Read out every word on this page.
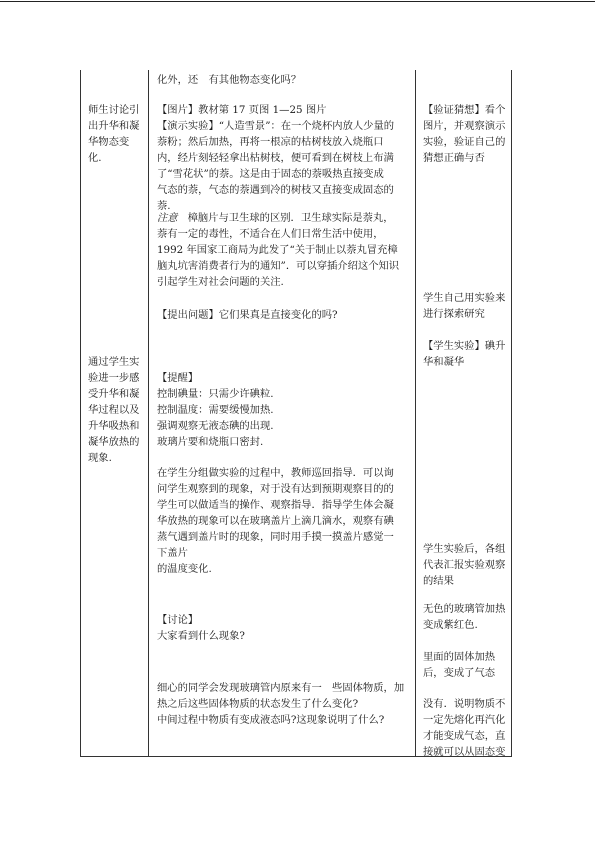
师生讨论引
出升华和凝
华物态变
化.
通过学生实
验进一步感
受升华和凝
华过程以及
升华吸热和
凝华放热的
现象.
化外，还　有其他物态变化吗？
【图片】教材第 17 页图 1—25 图片
【演示实验】“人造雪景”：在一个烧杯内放人少量的
萘粉；然后加热，再将一根凉的枯树枝放入烧瓶口
内，经片刻轻轻拿出枯树枝，便可看到在树枝上布满
了“雪花状”的萘。这是由于固态的萘吸热直接变成
气态的萘，气态的萘遇到冷的树枝又直接变成固态的
萘.
注意 樟脑片与卫生球的区别．卫生球实际是萘丸，
萘有一定的毒性，不适合在人们日常生活中使用，
1992 年国家工商局为此发了“关于制止以萘丸冒充樟
脑丸坑害消费者行为的通知”．可以穿插介绍这个知识
引起学生对社会问题的关注.
【提出问题】它们果真是直接变化的吗?
【提醒】
控制碘量：只需少许碘粒.
控制温度：需要缓慢加热.
强调观察无液态碘的出现.
玻璃片要和烧瓶口密封.
在学生分组做实验的过程中，教师巡回指导．可以询
问学生观察到的现象，对于没有达到预期观察目的的
学生可以做适当的操作、观察指导．指导学生体会凝
华放热的现象可以在玻璃盖片上滴几滴水，观察有碘
蒸气遇到盖片时的现象，同时用手摸一摸盖片感觉一
下盖片
的温度变化.
【讨论】
大家看到什么现象?
细心的同学会发现玻璃管内原来有一　些固体物质，加
热之后这些固体物质的状态发生了什么变化?
中间过程中物质有变成液态吗?这现象说明了什么?
【验证猜想】看个
图片，并观察演示
实验，验证自己的
猜想正确与否
学生自己用实验来
进行探索研究
【学生实验】碘升
华和凝华
学生实验后，各组
代表汇报实验观察
的结果
无色的玻璃管加热
变成紫红色.
里面的固体加热
后，变成了气态
没有．说明物质不
一定先熔化再汽化
才能变成气态，直
接就可以从固态变
